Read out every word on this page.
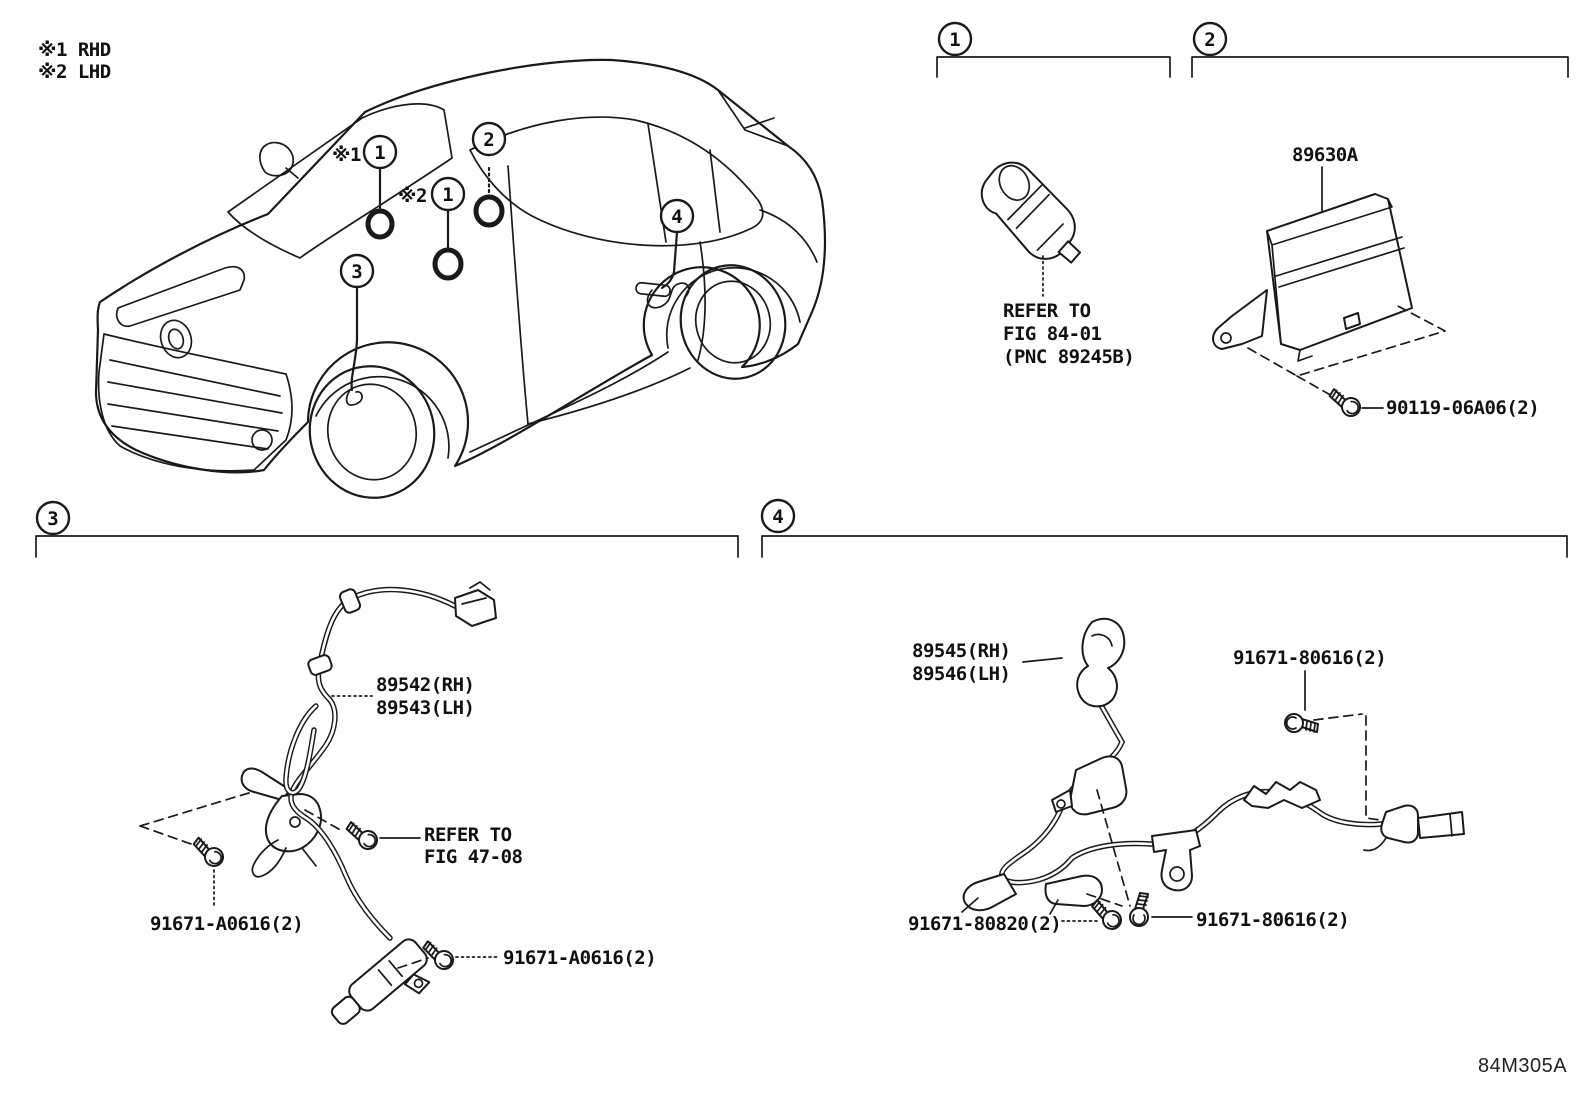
※1 RHD
※2 LHD
※1 1
2
※2 1
3
4
1
REFER TO
FIG 84-01
(PNC 89245B)
2
89630A
90119-06A06(2)
3
89542(RH)
89543(LH)
REFER TO
FIG 47-08
91671-A0616(2)
91671-A0616(2)
4
89545(RH)
89546(LH)
91671-80616(2)
91671-80820(2)	91671-80616(2)
84M305A
